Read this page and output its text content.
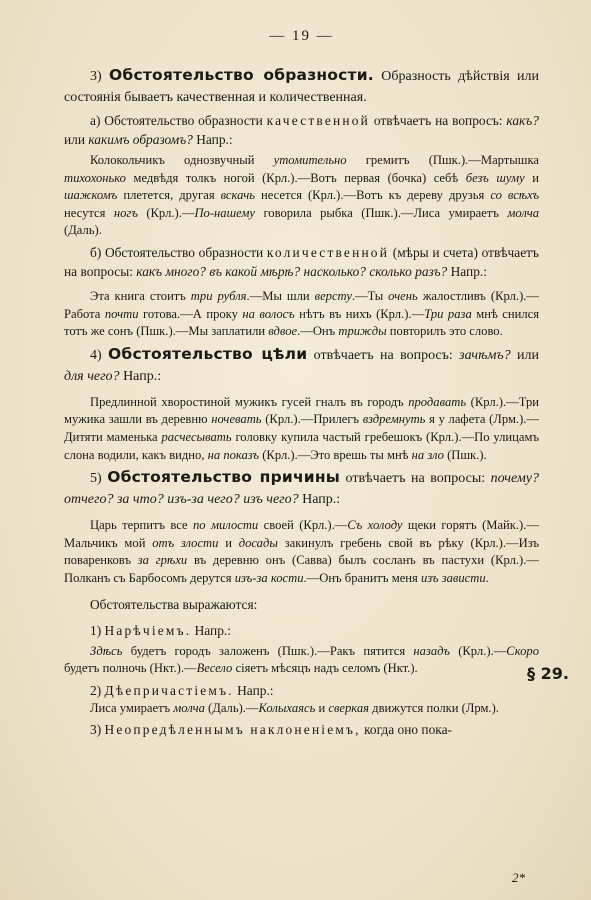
— 19 —

3) Обстоятельство образности. Образность дѣйствія или состоянія бываетъ качественная и количественная.

а) Обстоятельство образности качественной отвѣчаетъ на вопросъ: какъ? или какимъ образомъ? Напр.:

Колокольчикъ однозвучный утомительно гремитъ (Пшк.).—Мартышка тихохонько медвѣдя толкъ ногой (Крл.).—Вотъ первая (бочка) себѣ безъ шуму и шажкомъ плетется, другая вскачь несется (Крл.).—Вотъ къ дереву друзья со всѣхъ несутся ногъ (Крл.).—По-нашему говорила рыбка (Пшк.).—Лиса умираетъ молча (Даль).

б) Обстоятельство образности количественной (мѣры и счета) отвѣчаетъ на вопросы: какъ много? въ какой мѣрѣ? насколько? сколько разъ? Напр.:

Эта книга стоитъ три рубля.—Мы шли версту.—Ты очень жалостливъ (Крл.).—Работа почти готова.—А проку на волосъ нѣтъ въ нихъ (Крл.).—Три раза мнѣ снился тотъ же сонъ (Пшк.).—Мы заплатили вдвое.—Онъ трижды повторилъ это слово.

4) Обстоятельство цѣли отвѣчаетъ на вопросъ: зачѣмъ? или для чего? Напр.:

Предлинной хворостиной мужикъ гусей гналъ въ городъ продавать (Крл.).—Три мужика зашли въ деревню ночевать (Крл.).—Прилегъ вздремнуть я у лафета (Лрм.).—Дитяти маменька расчесывать головку купила частый гребешокъ (Крл.).—По улицамъ слона водили, какъ видно, на показъ (Крл.).—Это врешь ты мнѣ на зло (Пшк.).

5) Обстоятельство причины отвѣчаетъ на вопросы: почему? отчего? за что? изъ-за чего? изъ чего? Напр.:

Царь терпитъ все по милости своей (Крл.).—Съ холоду щеки горятъ (Майк.).—Мальчикъ мой отъ злости и досады закинулъ гребень свой въ рѣку (Крл.).—Изъ поваренковъ за грѣхи въ деревню онъ (Савва) былъ сосланъ въ пастухи (Крл.).—Полканъ съ Барбосомъ дерутся изъ-за кости.—Онъ бранитъ меня изъ зависти.

Обстоятельства выражаются:

1) Нарѣчіемъ. Напр.:

Здѣсь будетъ городъ заложенъ (Пшк.).—Ракъ пятится назадъ (Крл.).—Скоро будетъ полночь (Нкт.).—Весело сіяетъ мѣсяцъ надъ селомъ (Нкт.).

2) Дѣепричастіемъ. Напр.:

Лиса умираетъ молча (Даль).—Колыхаясь и сверкая движутся полки (Лрм.).

3) Неопредѣленнымъ наклоненіемъ, когда оно пока-

§ 29.
2*
